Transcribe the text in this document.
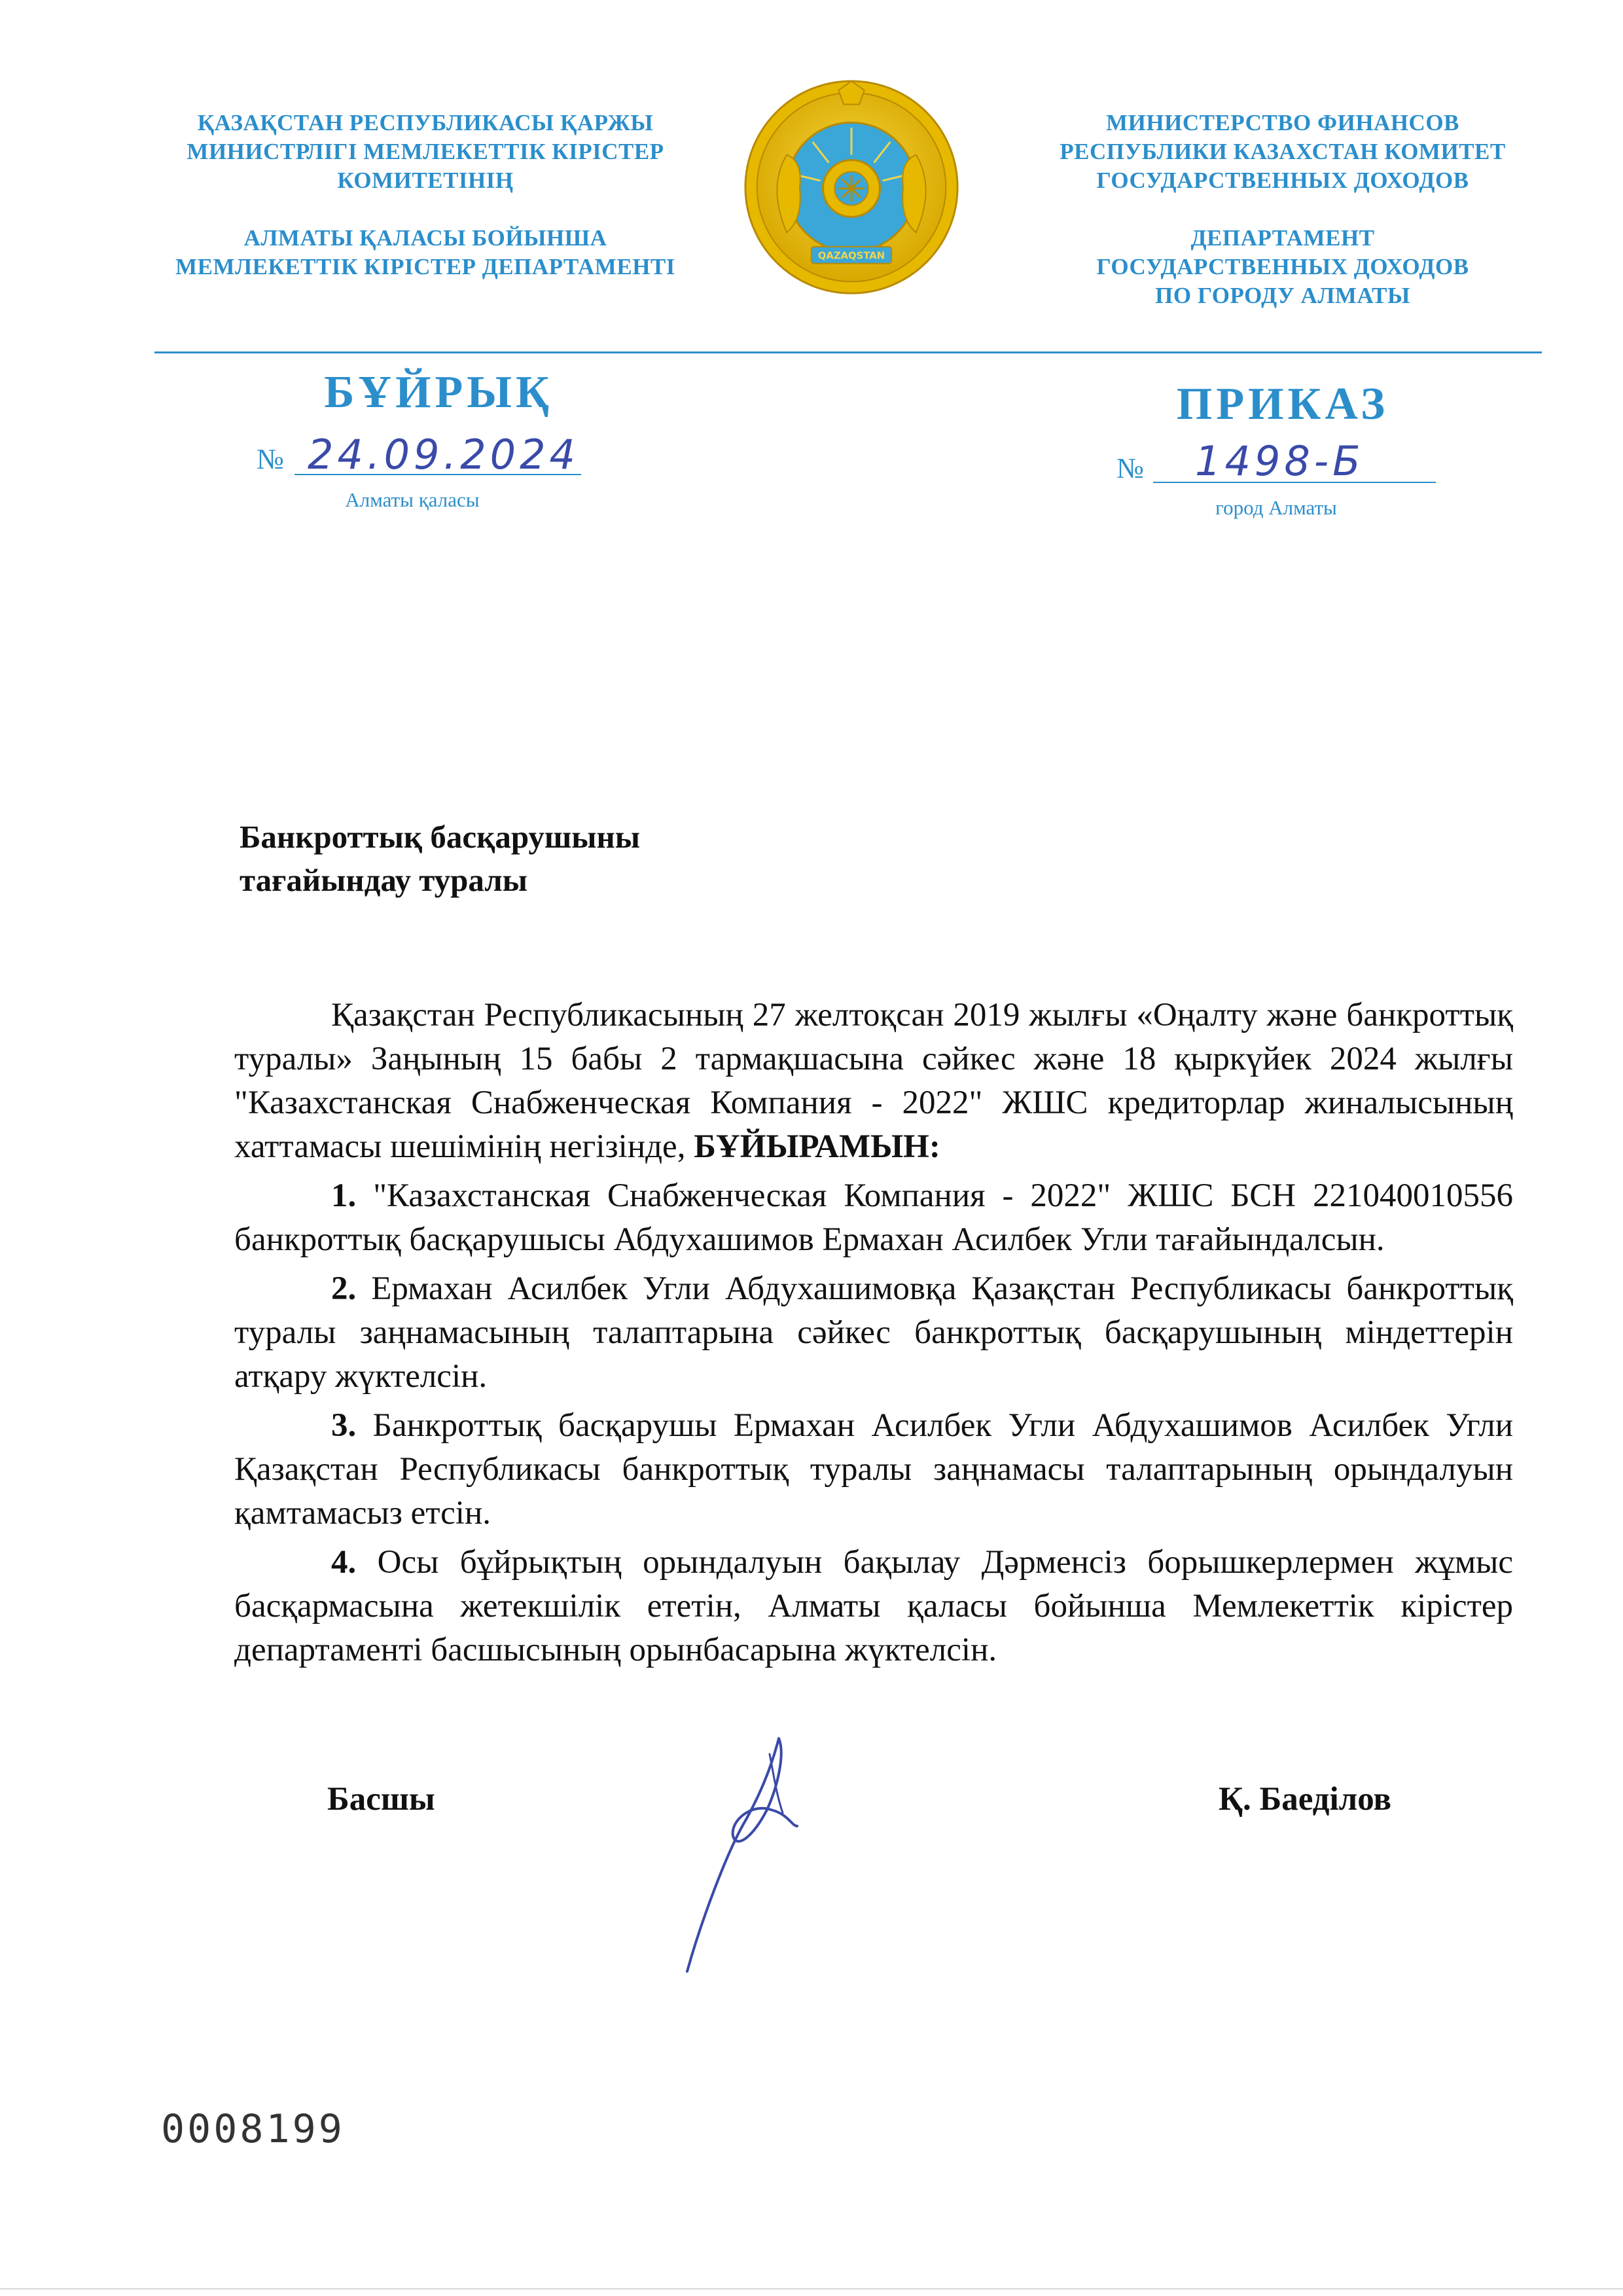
ҚАЗАҚСТАН РЕСПУБЛИКАСЫ ҚАРЖЫ
МИНИСТРЛІГІ МЕМЛЕКЕТТІК КІРІСТЕР
КОМИТЕТІНІҢ
АЛМАТЫ ҚАЛАСЫ БОЙЫНША
МЕМЛЕКЕТТІК КІРІСТЕР ДЕПАРТАМЕНТІ	QAZAQSTAN
МИНИСТЕРСТВО ФИНАНСОВ
РЕСПУБЛИКИ КАЗАХСТАН КОМИТЕТ
ГОСУДАРСТВЕННЫХ ДОХОДОВ
ДЕПАРТАМЕНТ
ГОСУДАРСТВЕННЫХ ДОХОДОВ
ПО ГОРОДУ АЛМАТЫ
БҰЙРЫҚ
№ 24.09.2024
Алматы қаласы
ПРИКАЗ
№ 1498-Б
город Алматы
Банкроттық басқарушыны
тағайындау туралы

Қазақстан Республикасының 27 желтоқсан 2019 жылғы «Оңалту және банкроттық туралы» Заңының 15 бабы 2 тармақшасына сәйкес және 18 қыркүйек 2024 жылғы "Казахстанская Снабженческая Компания - 2022" ЖШС кредиторлар жиналысының хаттамасы шешімінің негізінде, БҰЙЫРАМЫН:

1. "Казахстанская Снабженческая Компания - 2022" ЖШС БСН 221040010556 банкроттық басқарушысы Абдухашимов Ермахан Асилбек Угли тағайындалсын.

2. Ермахан Асилбек Угли Абдухашимовқа Қазақстан Республикасы банкроттық туралы заңнамасының талаптарына сәйкес банкроттық басқарушының міндеттерін атқару жүктелсін.

3. Банкроттық басқарушы Ермахан Асилбек Угли Абдухашимов Асилбек Угли Қазақстан Республикасы банкроттық туралы заңнамасы талаптарының орындалуын қамтамасыз етсін.

4. Осы бұйрықтың орындалуын бақылау Дәрменсіз борышкерлермен жұмыс басқармасына жетекшілік ететін, Алматы қаласы бойынша Мемлекеттік кірістер департаменті басшысының орынбасарына жүктелсін.

Басшы	Қ. Баеділов
0008199
